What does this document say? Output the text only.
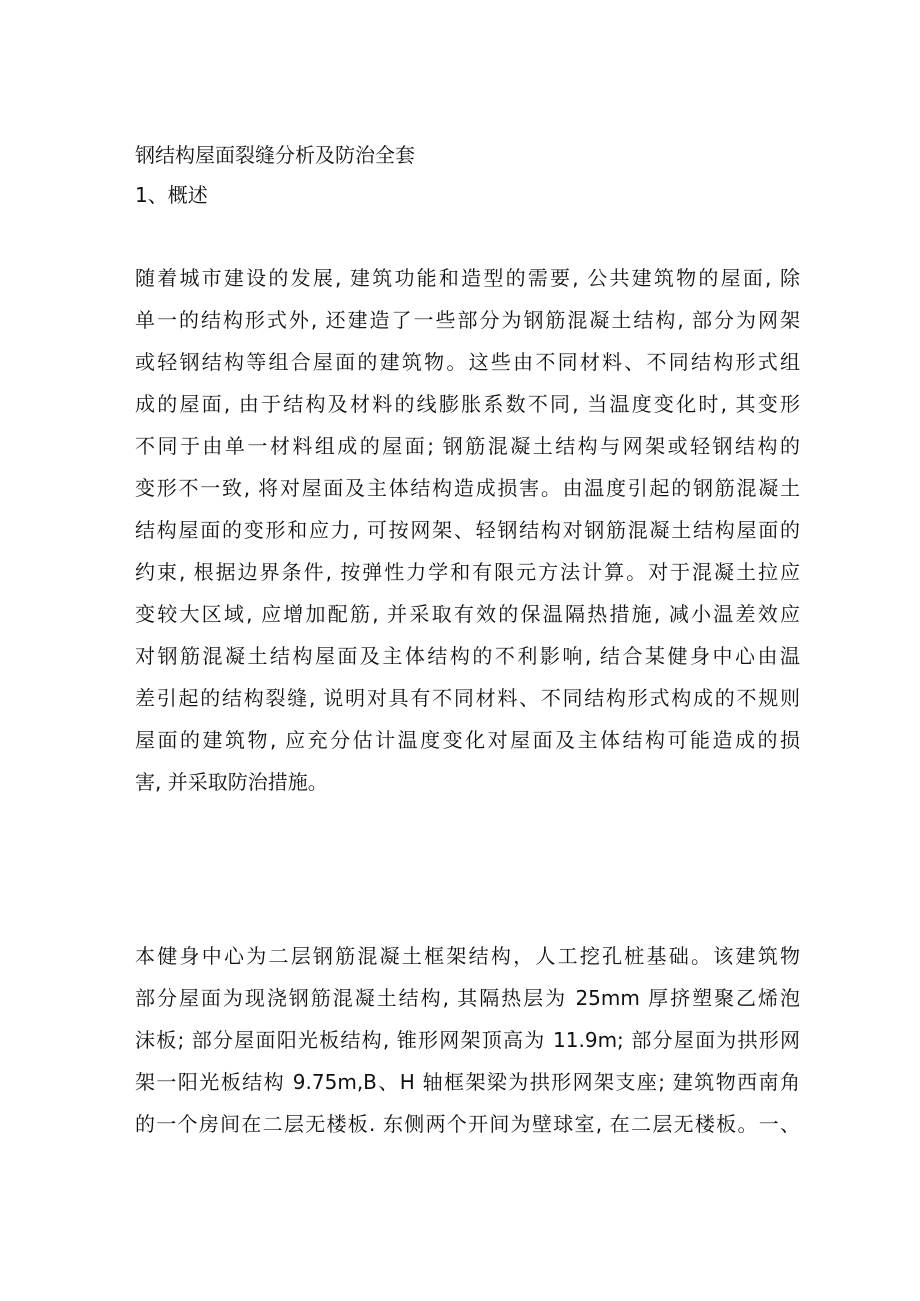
钢结构屋面裂缝分析及防治全套
1、概述
随着城市建设的发展, 建筑功能和造型的需要, 公共建筑物的屋面, 除
单一的结构形式外, 还建造了一些部分为钢筋混凝土结构, 部分为网架
或轻钢结构等组合屋面的建筑物。这些由不同材料、不同结构形式组
成的屋面, 由于结构及材料的线膨胀系数不同, 当温度变化时, 其变形
不同于由单一材料组成的屋面; 钢筋混凝土结构与网架或轻钢结构的
变形不一致, 将对屋面及主体结构造成损害。由温度引起的钢筋混凝土
结构屋面的变形和应力, 可按网架、轻钢结构对钢筋混凝土结构屋面的
约束, 根据边界条件, 按弹性力学和有限元方法计算。对于混凝土拉应
变较大区域, 应增加配筋, 并采取有效的保温隔热措施, 减小温差效应
对钢筋混凝土结构屋面及主体结构的不利影响, 结合某健身中心由温
差引起的结构裂缝, 说明对具有不同材料、不同结构形式构成的不规则
屋面的建筑物, 应充分估计温度变化对屋面及主体结构可能造成的损
害, 并采取防治措施。
本健身中心为二层钢筋混凝土框架结构，人工挖孔桩基础。该建筑物
部分屋面为现浇钢筋混凝土结构, 其隔热层为 25mm 厚挤塑聚乙烯泡
沫板; 部分屋面阳光板结构, 锥形网架顶高为 11.9m; 部分屋面为拱形网
架一阳光板结构 9.75m,B、H 轴框架梁为拱形网架支座; 建筑物西南角
的一个房间在二层无楼板. 东侧两个开间为壁球室, 在二层无楼板。一、
